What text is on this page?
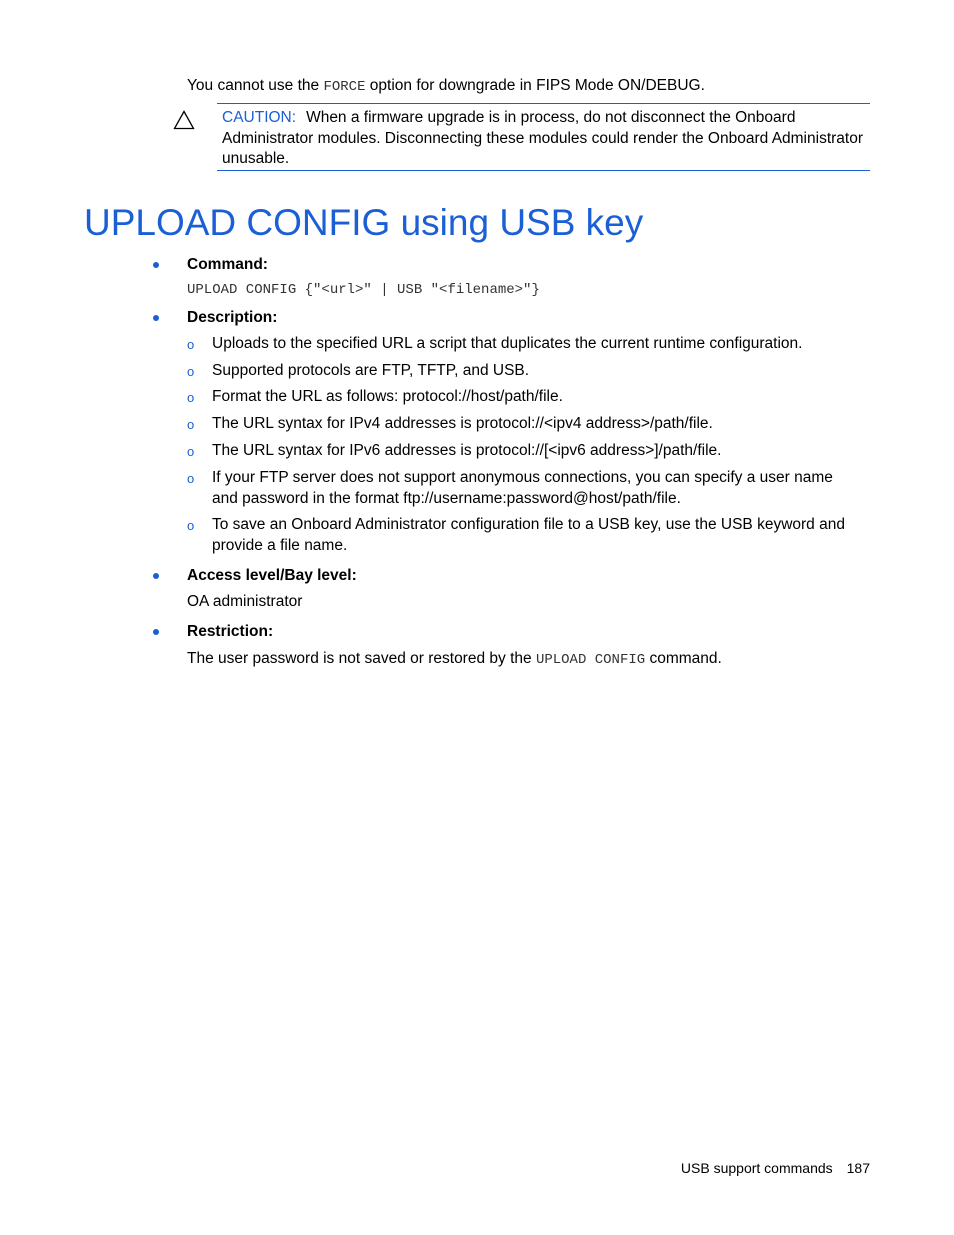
You cannot use the FORCE option for downgrade in FIPS Mode ON/DEBUG.
CAUTION: When a firmware upgrade is in process, do not disconnect the Onboard Administrator modules. Disconnecting these modules could render the Onboard Administrator unusable.
UPLOAD CONFIG using USB key
Command:
UPLOAD CONFIG {"<url>" | USB "<filename>"}
Description:
o Uploads to the specified URL a script that duplicates the current runtime configuration.
o Supported protocols are FTP, TFTP, and USB.
o Format the URL as follows: protocol://host/path/file.
o The URL syntax for IPv4 addresses is protocol://<ipv4 address>/path/file.
o The URL syntax for IPv6 addresses is protocol://[<ipv6 address>]/path/file.
o If your FTP server does not support anonymous connections, you can specify a user name and password in the format ftp://username:password@host/path/file.
o To save an Onboard Administrator configuration file to a USB key, use the USB keyword and provide a file name.
Access level/Bay level:
OA administrator
Restriction:
The user password is not saved or restored by the UPLOAD CONFIG command.
USB support commands 187
